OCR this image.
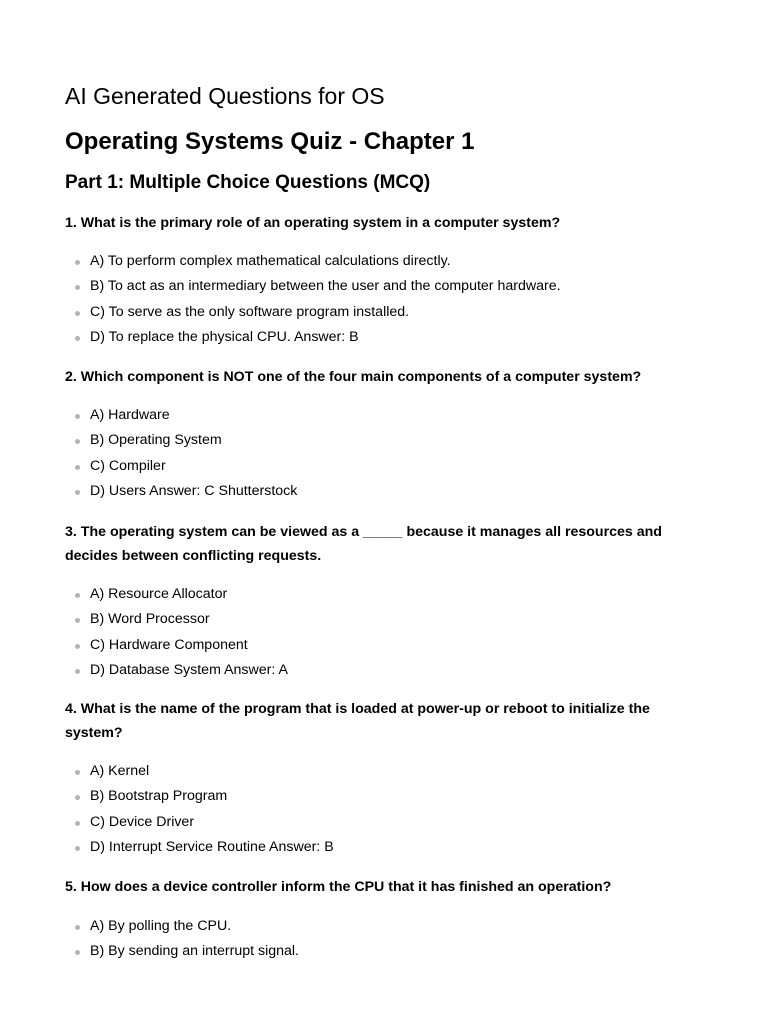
AI Generated Questions for OS
Operating Systems Quiz - Chapter 1
Part 1: Multiple Choice Questions (MCQ)

1. What is the primary role of an operating system in a computer system?

A) To perform complex mathematical calculations directly.
B) To act as an intermediary between the user and the computer hardware.
C) To serve as the only software program installed.
D) To replace the physical CPU. Answer: B

2. Which component is NOT one of the four main components of a computer system?

A) Hardware
B) Operating System
C) Compiler
D) Users Answer: C Shutterstock

3. The operating system can be viewed as a _____ because it manages all resources and decides between conflicting requests.

A) Resource Allocator
B) Word Processor
C) Hardware Component
D) Database System Answer: A

4. What is the name of the program that is loaded at power-up or reboot to initialize the system?

A) Kernel
B) Bootstrap Program
C) Device Driver
D) Interrupt Service Routine Answer: B

5. How does a device controller inform the CPU that it has finished an operation?

A) By polling the CPU.
B) By sending an interrupt signal.
